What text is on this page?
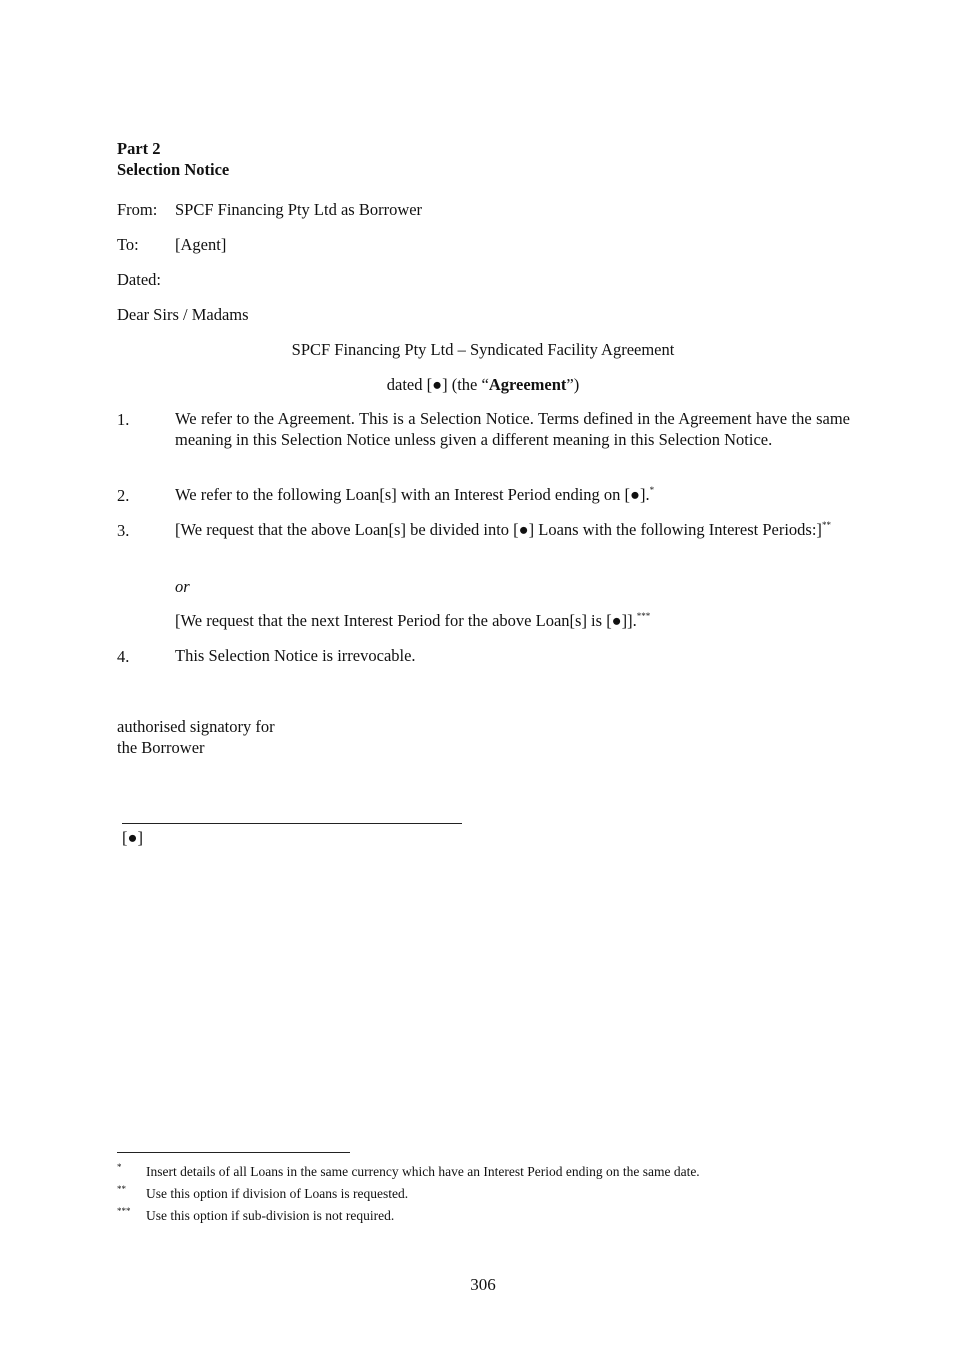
Part 2
Selection Notice
From: SPCF Financing Pty Ltd as Borrower
To: [Agent]
Dated:
Dear Sirs / Madams
SPCF Financing Pty Ltd – Syndicated Facility Agreement
dated [●] (the “Agreement”)
1.	We refer to the Agreement. This is a Selection Notice. Terms defined in the Agreement have the same meaning in this Selection Notice unless given a different meaning in this Selection Notice.
2.	We refer to the following Loan[s] with an Interest Period ending on [●].*
3.	[We request that the above Loan[s] be divided into [●] Loans with the following Interest Periods:]**
or
[We request that the next Interest Period for the above Loan[s] is [●]].***
4.	This Selection Notice is irrevocable.
authorised signatory for
the Borrower
[●]
* Insert details of all Loans in the same currency which have an Interest Period ending on the same date.
** Use this option if division of Loans is requested.
*** Use this option if sub-division is not required.
306
